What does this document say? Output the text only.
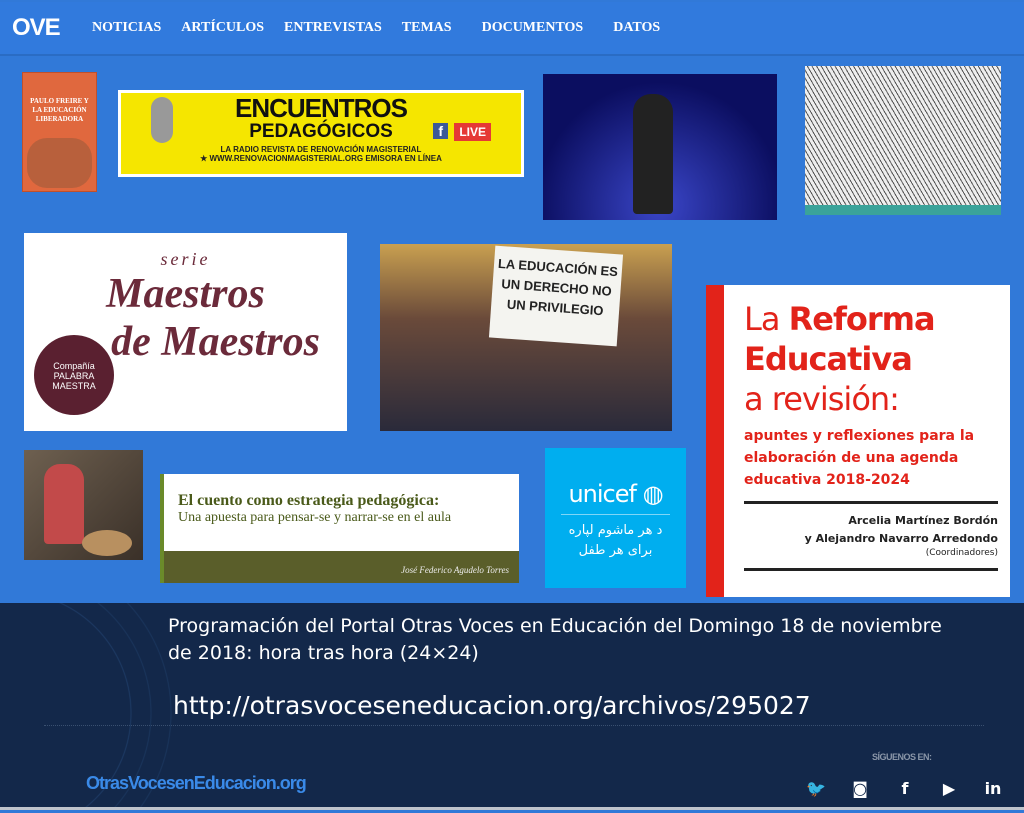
OVE	NOTICIAS ARTÍCULOS ENTREVISTAS TEMAS DOCUMENTOS DATOS
PAULO FREIRE Y LA EDUCACIÓN LIBERADORA	ENCUENTROS
PEDAGÓGICOS
LA RADIO REVISTA DE RENOVACIÓN MAGISTERIAL
★ WWW.RENOVACIONMAGISTERIAL.ORG EMISORA EN LÍNEA
f	LIVE
serie
Maestros
de Maestros
Compañía PALABRA MAESTRA
LA EDUCACIÓN ES UN DERECHO NO UN PRIVILEGIO	La Reforma
Educativa
a revisión:
apuntes y reflexiones para la elaboración de una agenda educativa 2018-2024
Arcelia Martínez Bordón
y Alejandro Navarro Arredondo
(Coordinadores)
El cuento como estrategia pedagógica:
Una apuesta para pensar-se y narrar-se en el aula
José Federico Agudelo Torres
unicef ◍
د هر ماشوم لپاره
برای هر طفل
Programación del Portal Otras Voces en Educación del Domingo 18 de noviembre de 2018: hora tras hora (24×24)
http://otrasvoceseneducacion.org/archivos/295027
SÍGUENOS EN:
OtrasVocesenEducacion.org	🐦 ◙	f	▶	in
